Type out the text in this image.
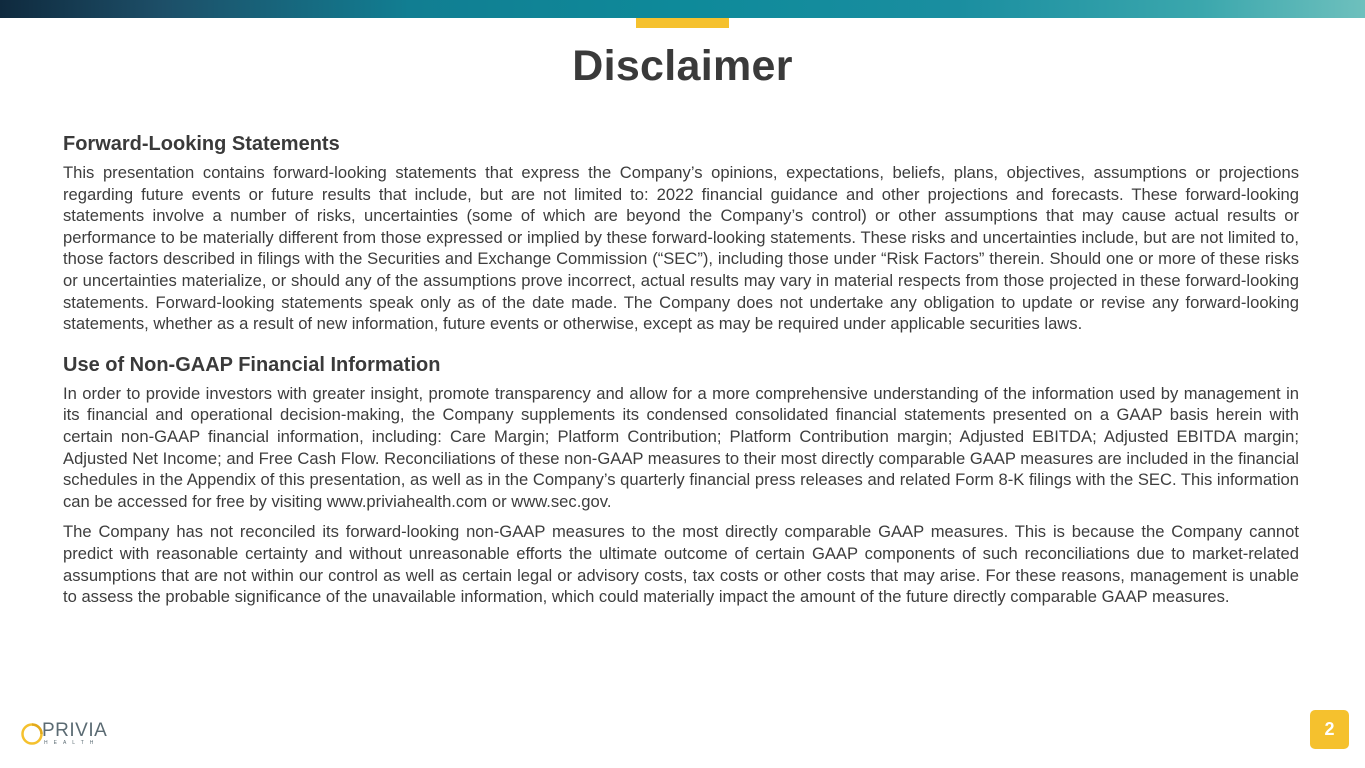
Disclaimer
Forward-Looking Statements

This presentation contains forward-looking statements that express the Company’s opinions, expectations, beliefs, plans, objectives, assumptions or projections regarding future events or future results that include, but are not limited to: 2022 financial guidance and other projections and forecasts. These forward-looking statements involve a number of risks, uncertainties (some of which are beyond the Company’s control) or other assumptions that may cause actual results or performance to be materially different from those expressed or implied by these forward-looking statements. These risks and uncertainties include, but are not limited to, those factors described in filings with the Securities and Exchange Commission (“SEC”), including those under “Risk Factors” therein. Should one or more of these risks or uncertainties materialize, or should any of the assumptions prove incorrect, actual results may vary in material respects from those projected in these forward-looking statements. Forward-looking statements speak only as of the date made. The Company does not undertake any obligation to update or revise any forward-looking statements, whether as a result of new information, future events or otherwise, except as may be required under applicable securities laws.

Use of Non-GAAP Financial Information

In order to provide investors with greater insight, promote transparency and allow for a more comprehensive understanding of the information used by management in its financial and operational decision-making, the Company supplements its condensed consolidated financial statements presented on a GAAP basis herein with certain non-GAAP financial information, including: Care Margin; Platform Contribution; Platform Contribution margin; Adjusted EBITDA; Adjusted EBITDA margin; Adjusted Net Income; and Free Cash Flow. Reconciliations of these non-GAAP measures to their most directly comparable GAAP measures are included in the financial schedules in the Appendix of this presentation, as well as in the Company’s quarterly financial press releases and related Form 8-K filings with the SEC. This information can be accessed for free by visiting www.priviahealth.com or www.sec.gov.

The Company has not reconciled its forward-looking non-GAAP measures to the most directly comparable GAAP measures. This is because the Company cannot predict with reasonable certainty and without unreasonable efforts the ultimate outcome of certain GAAP components of such reconciliations due to market-related assumptions that are not within our control as well as certain legal or advisory costs, tax costs or other costs that may arise. For these reasons, management is unable to assess the probable significance of the unavailable information, which could materially impact the amount of the future directly comparable GAAP measures.

PRIVIA
HEALTH
2
